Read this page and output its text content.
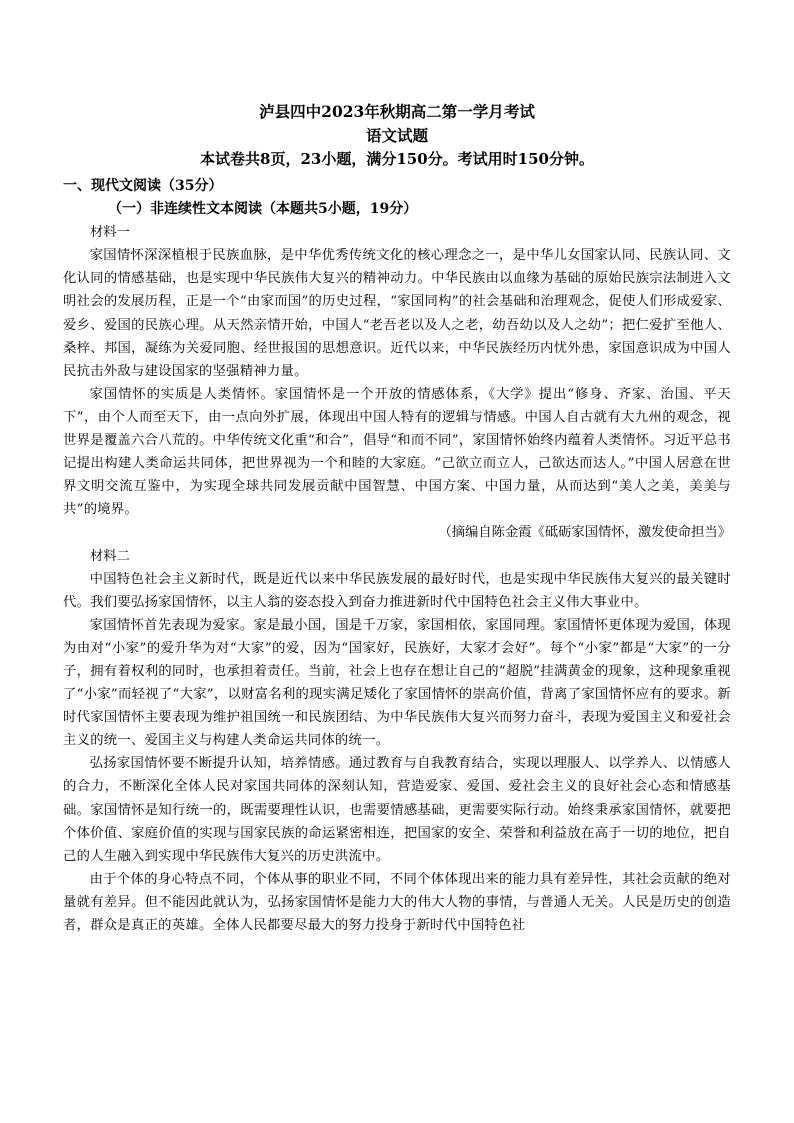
泸县四中2023年秋期高二第一学月考试
语文试题
本试卷共8页，23小题，满分150分。考试用时150分钟。

一、现代文阅读（35分）

（一）非连续性文本阅读（本题共5小题，19分）

材料一

家国情怀深深植根于民族血脉，是中华优秀传统文化的核心理念之一，是中华儿女国家认同、民族认同、文化认同的情感基础，也是实现中华民族伟大复兴的精神动力。中华民族由以血缘为基础的原始民族宗法制进入文明社会的发展历程，正是一个“由家而国”的历史过程，“家国同构”的社会基础和治理观念，促使人们形成爱家、爱乡、爱国的民族心理。从天然亲情开始，中国人“老吾老以及人之老，幼吾幼以及人之幼”；把仁爱扩至他人、桑梓、邦国，凝练为关爱同胞、经世报国的思想意识。近代以来，中华民族经历内忧外患，家国意识成为中国人民抗击外敌与建设国家的坚强精神力量。

家国情怀的实质是人类情怀。家国情怀是一个开放的情感体系，《大学》提出“修身、齐家、治国、平天下”，由个人而至天下，由一点向外扩展，体现出中国人特有的逻辑与情感。中国人自古就有大九州的观念，视世界是覆盖六合八荒的。中华传统文化重“和合”，倡导“和而不同”，家国情怀始终内蕴着人类情怀。习近平总书记提出构建人类命运共同体，把世界视为一个和睦的大家庭。“己欲立而立人，己欲达而达人。”中国人居意在世界文明交流互鉴中，为实现全球共同发展贡献中国智慧、中国方案、中国力量，从而达到“美人之美，美美与共”的境界。

（摘编自陈金霞《砥砺家国情怀，激发使命担当》

材料二

中国特色社会主义新时代，既是近代以来中华民族发展的最好时代，也是实现中华民族伟大复兴的最关键时代。我们要弘扬家国情怀，以主人翁的姿态投入到奋力推进新时代中国特色社会主义伟大事业中。

家国情怀首先表现为爱家。家是最小国，国是千万家，家国相依，家国同理。家国情怀更体现为爱国，体现为由对“小家”的爱升华为对“大家”的爱，因为“国家好，民族好，大家才会好”。每个“小家”都是“大家”的一分子，拥有着权利的同时，也承担着责任。当前，社会上也存在想让自己的“超脱”挂满黄金的现象，这种现象重视了“小家”而轻视了“大家”，以财富名利的现实满足矮化了家国情怀的崇高价值，背离了家国情怀应有的要求。新时代家国情怀主要表现为维护祖国统一和民族团结、为中华民族伟大复兴而努力奋斗，表现为爱国主义和爱社会主义的统一、爱国主义与构建人类命运共同体的统一。

弘扬家国情怀要不断提升认知，培养情感。通过教育与自我教育结合，实现以理服人、以学养人、以情感人的合力，不断深化全体人民对家国共同体的深刻认知，营造爱家、爱国、爱社会主义的良好社会心态和情感基础。家国情怀是知行统一的，既需要理性认识，也需要情感基础，更需要实际行动。始终秉承家国情怀，就要把个体价值、家庭价值的实现与国家民族的命运紧密相连，把国家的安全、荣誉和利益放在高于一切的地位，把自己的人生融入到实现中华民族伟大复兴的历史洪流中。

由于个体的身心特点不同，个体从事的职业不同，不同个体体现出来的能力具有差异性，其社会贡献的绝对量就有差异。但不能因此就认为，弘扬家国情怀是能力大的伟大人物的事情，与普通人无关。人民是历史的创造者，群众是真正的英雄。全体人民都要尽最大的努力投身于新时代中国特色社
